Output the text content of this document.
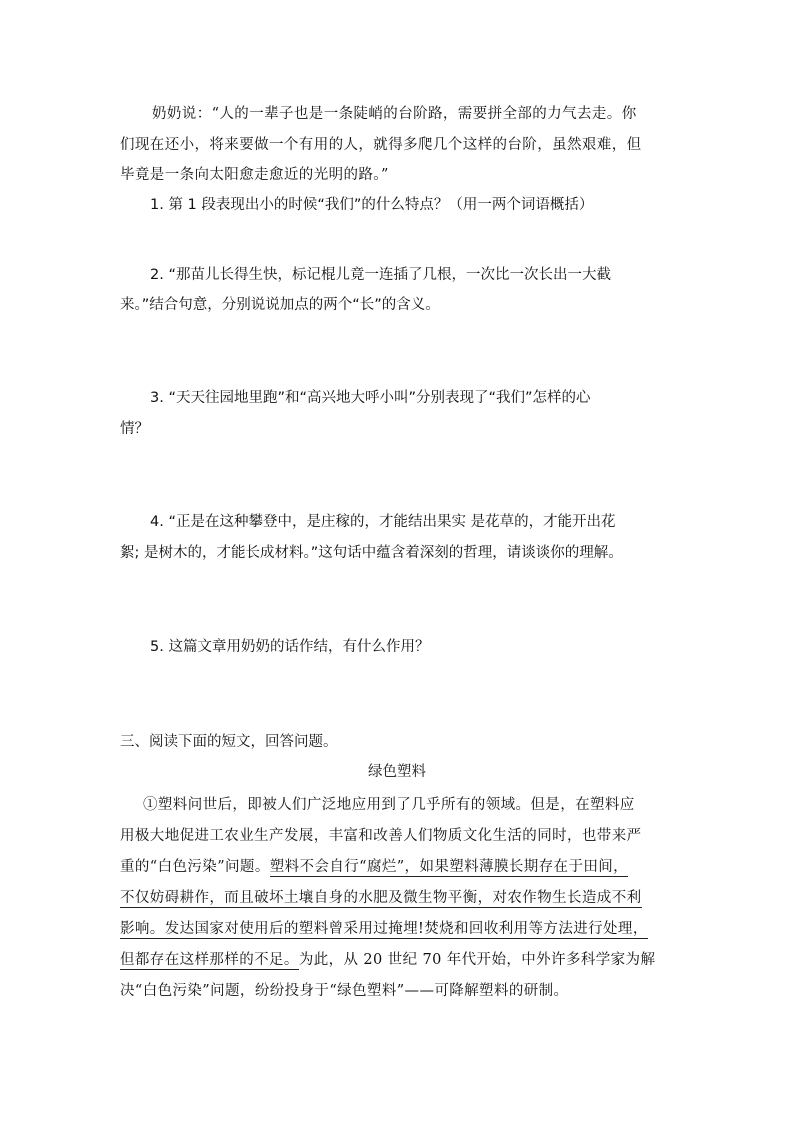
奶奶说：“人的一辈子也是一条陡峭的台阶路，需要拼全部的力气去走。你

们现在还小，将来要做一个有用的人，就得多爬几个这样的台阶，虽然艰难，但

毕竟是一条向太阳愈走愈近的光明的路。”

1. 第 1 段表现出小的时候“我们”的什么特点？（用一两个词语概括）

2. “那苗儿长得生快，标记棍儿竟一连插了几根，一次比一次长出一大截

来。”结合句意，分别说说加点的两个“长”的含义。

3. “天天往园地里跑”和“高兴地大呼小叫”分别表现了“我们”怎样的心

情？

4. “正是在这种攀登中，是庄稼的，才能结出果实 是花草的，才能开出花

絮; 是树木的，才能长成材料。”这句话中蕴含着深刻的哲理，请谈谈你的理解。

5. 这篇文章用奶奶的话作结，有什么作用？

三、阅读下面的短文，回答问题。

绿色塑料

①塑料问世后，即被人们广泛地应用到了几乎所有的领域。但是，在塑料应

用极大地促进工农业生产发展，丰富和改善人们物质文化生活的同时，也带来严

重的“白色污染”问题。塑料不会自行“腐烂”，如果塑料薄膜长期存在于田间，

不仅妨碍耕作，而且破坏土壤自身的水肥及微生物平衡，对农作物生长造成不利

影响。发达国家对使用后的塑料曾采用过掩埋!焚烧和回收利用等方法进行处理，

但都存在这样那样的不足。为此，从 20 世纪 70 年代开始，中外许多科学家为解

决“白色污染”问题，纷纷投身于“绿色塑料”——可降解塑料的研制。
